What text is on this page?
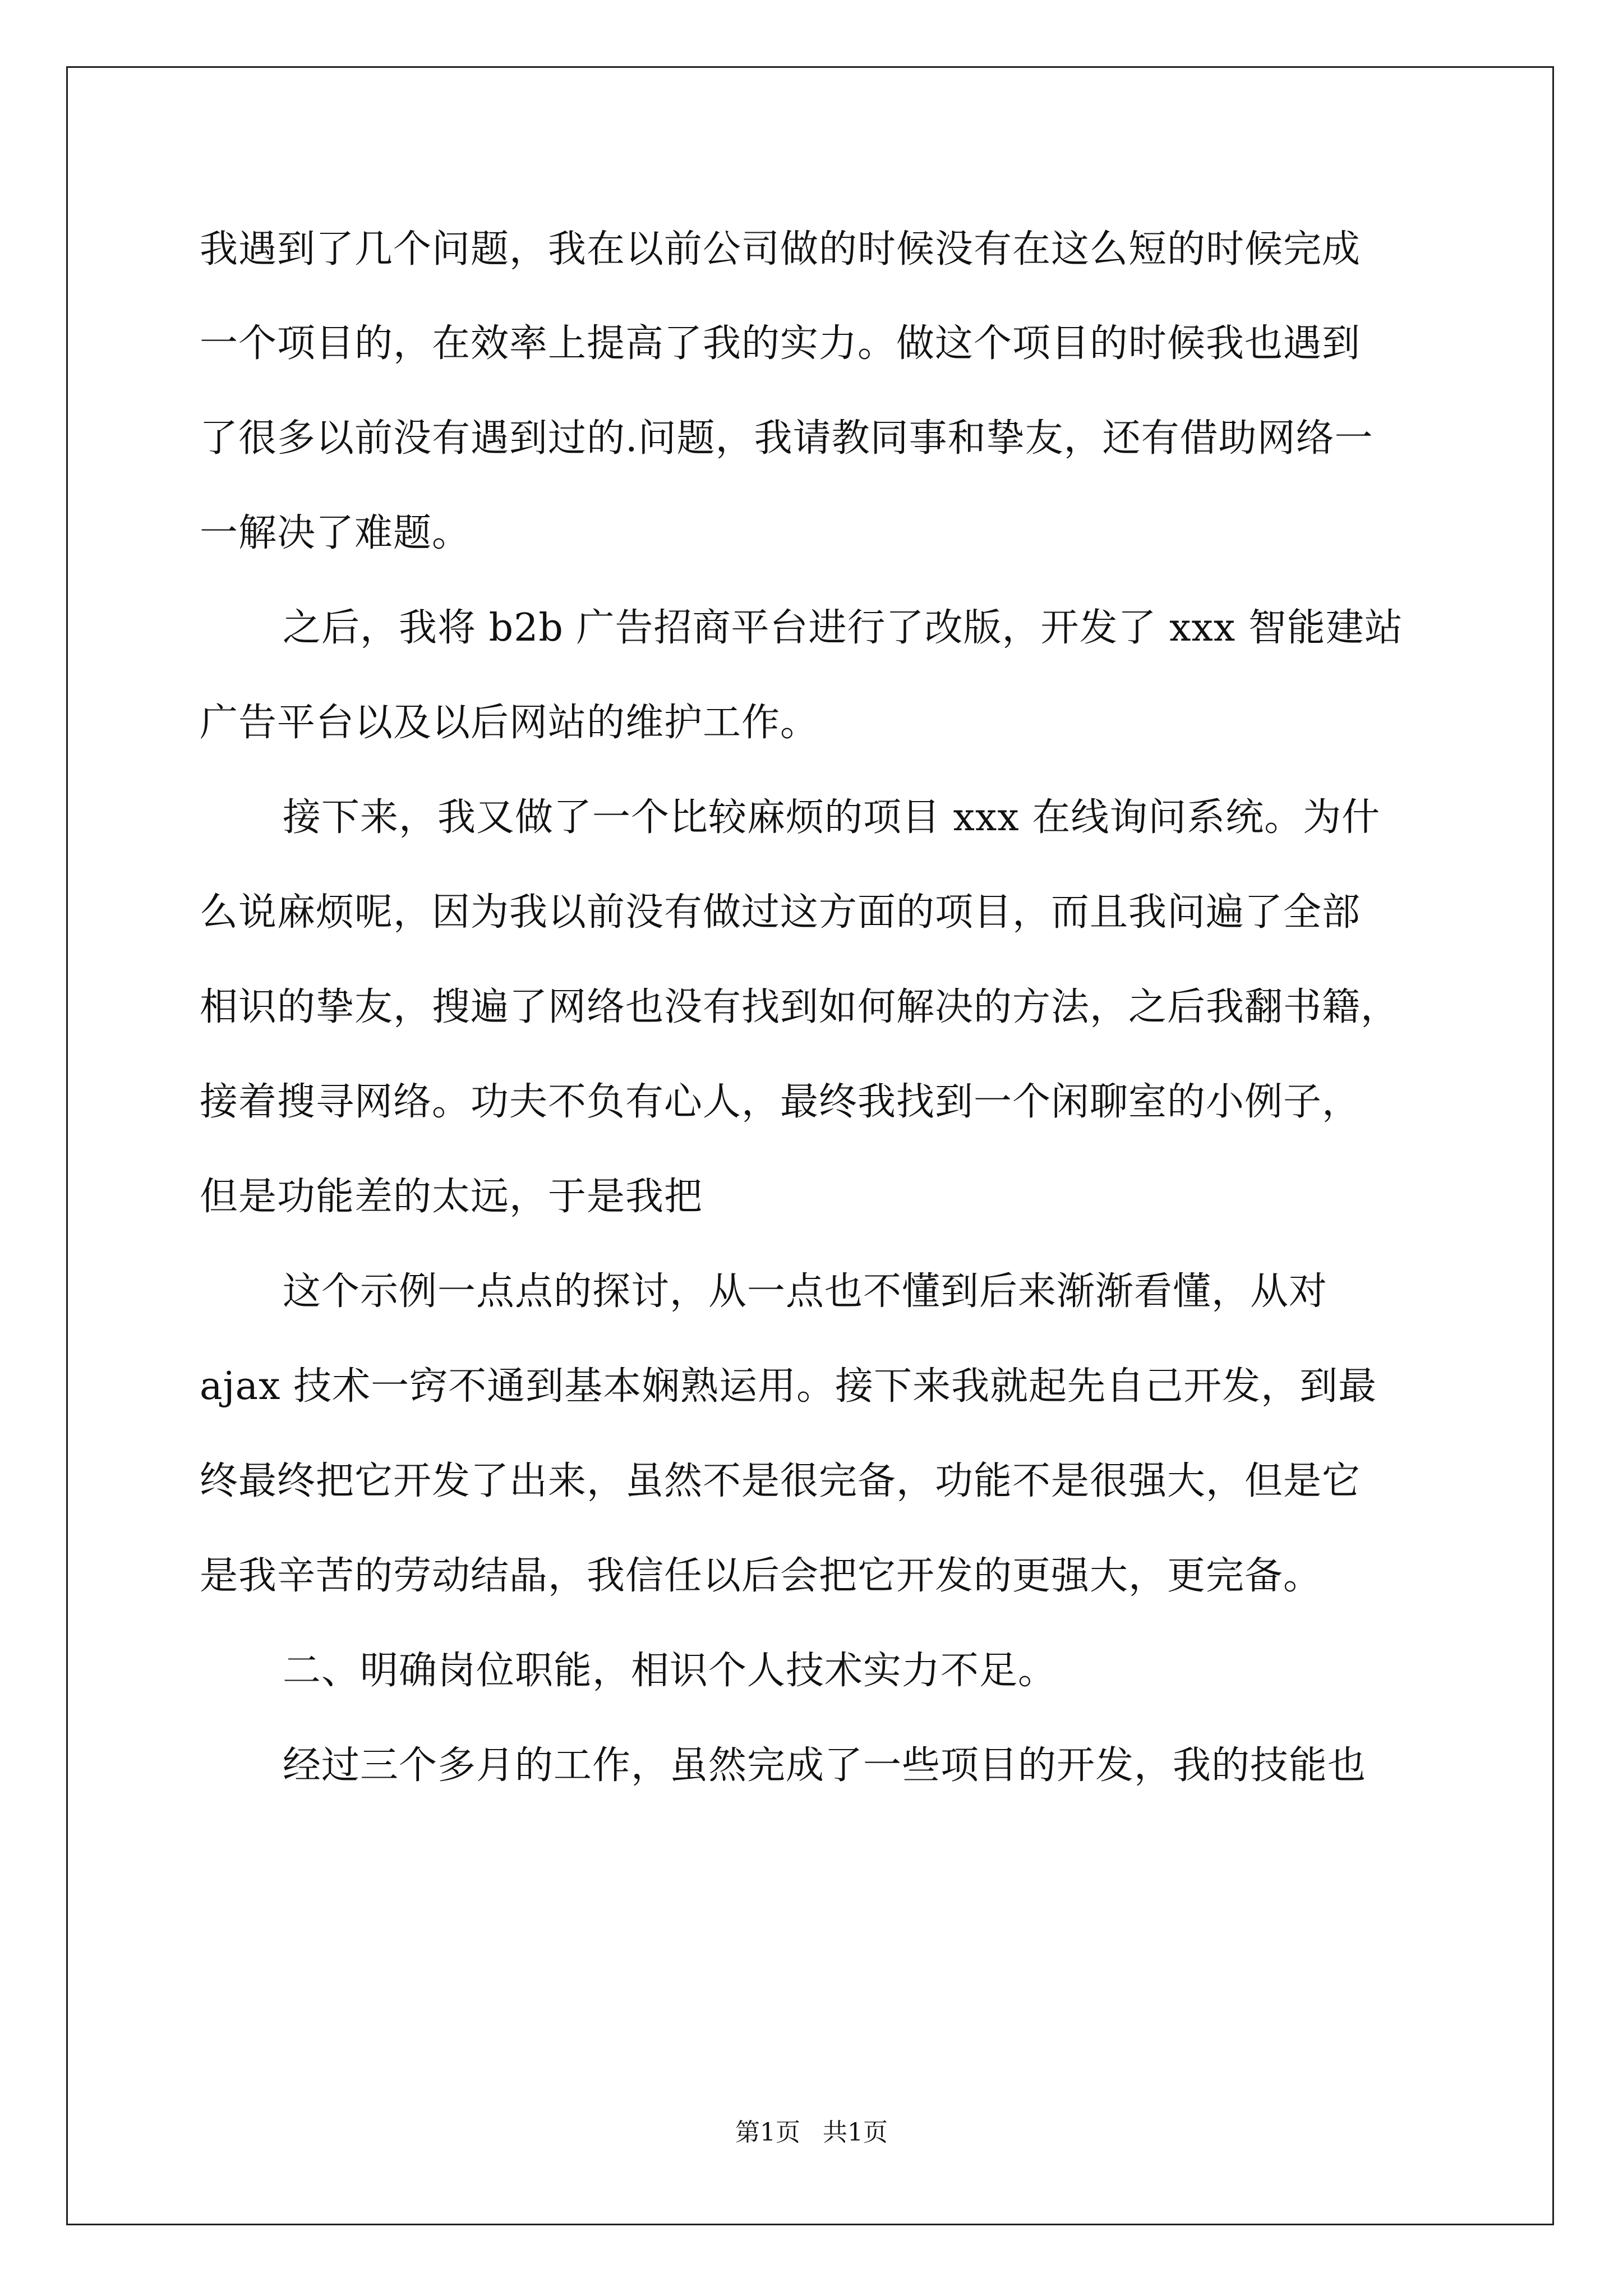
我遇到了几个问题，我在以前公司做的时候没有在这么短的时候完成
一个项目的，在效率上提高了我的实力。做这个项目的时候我也遇到
了很多以前没有遇到过的.问题，我请教同事和挚友，还有借助网络一
一解决了难题。
之后，我将 b2b 广告招商平台进行了改版，开发了 xxx 智能建站
广告平台以及以后网站的维护工作。
接下来，我又做了一个比较麻烦的项目 xxx 在线询问系统。为什
么说麻烦呢，因为我以前没有做过这方面的项目，而且我问遍了全部
相识的挚友，搜遍了网络也没有找到如何解决的方法，之后我翻书籍，
接着搜寻网络。功夫不负有心人，最终我找到一个闲聊室的小例子，
但是功能差的太远，于是我把
这个示例一点点的探讨，从一点也不懂到后来渐渐看懂，从对
ajax 技术一窍不通到基本娴熟运用。接下来我就起先自己开发，到最
终最终把它开发了出来，虽然不是很完备，功能不是很强大，但是它
是我辛苦的劳动结晶，我信任以后会把它开发的更强大，更完备。
二、明确岗位职能，相识个人技术实力不足。
经过三个多月的工作，虽然完成了一些项目的开发，我的技能也
第1页 共1页
